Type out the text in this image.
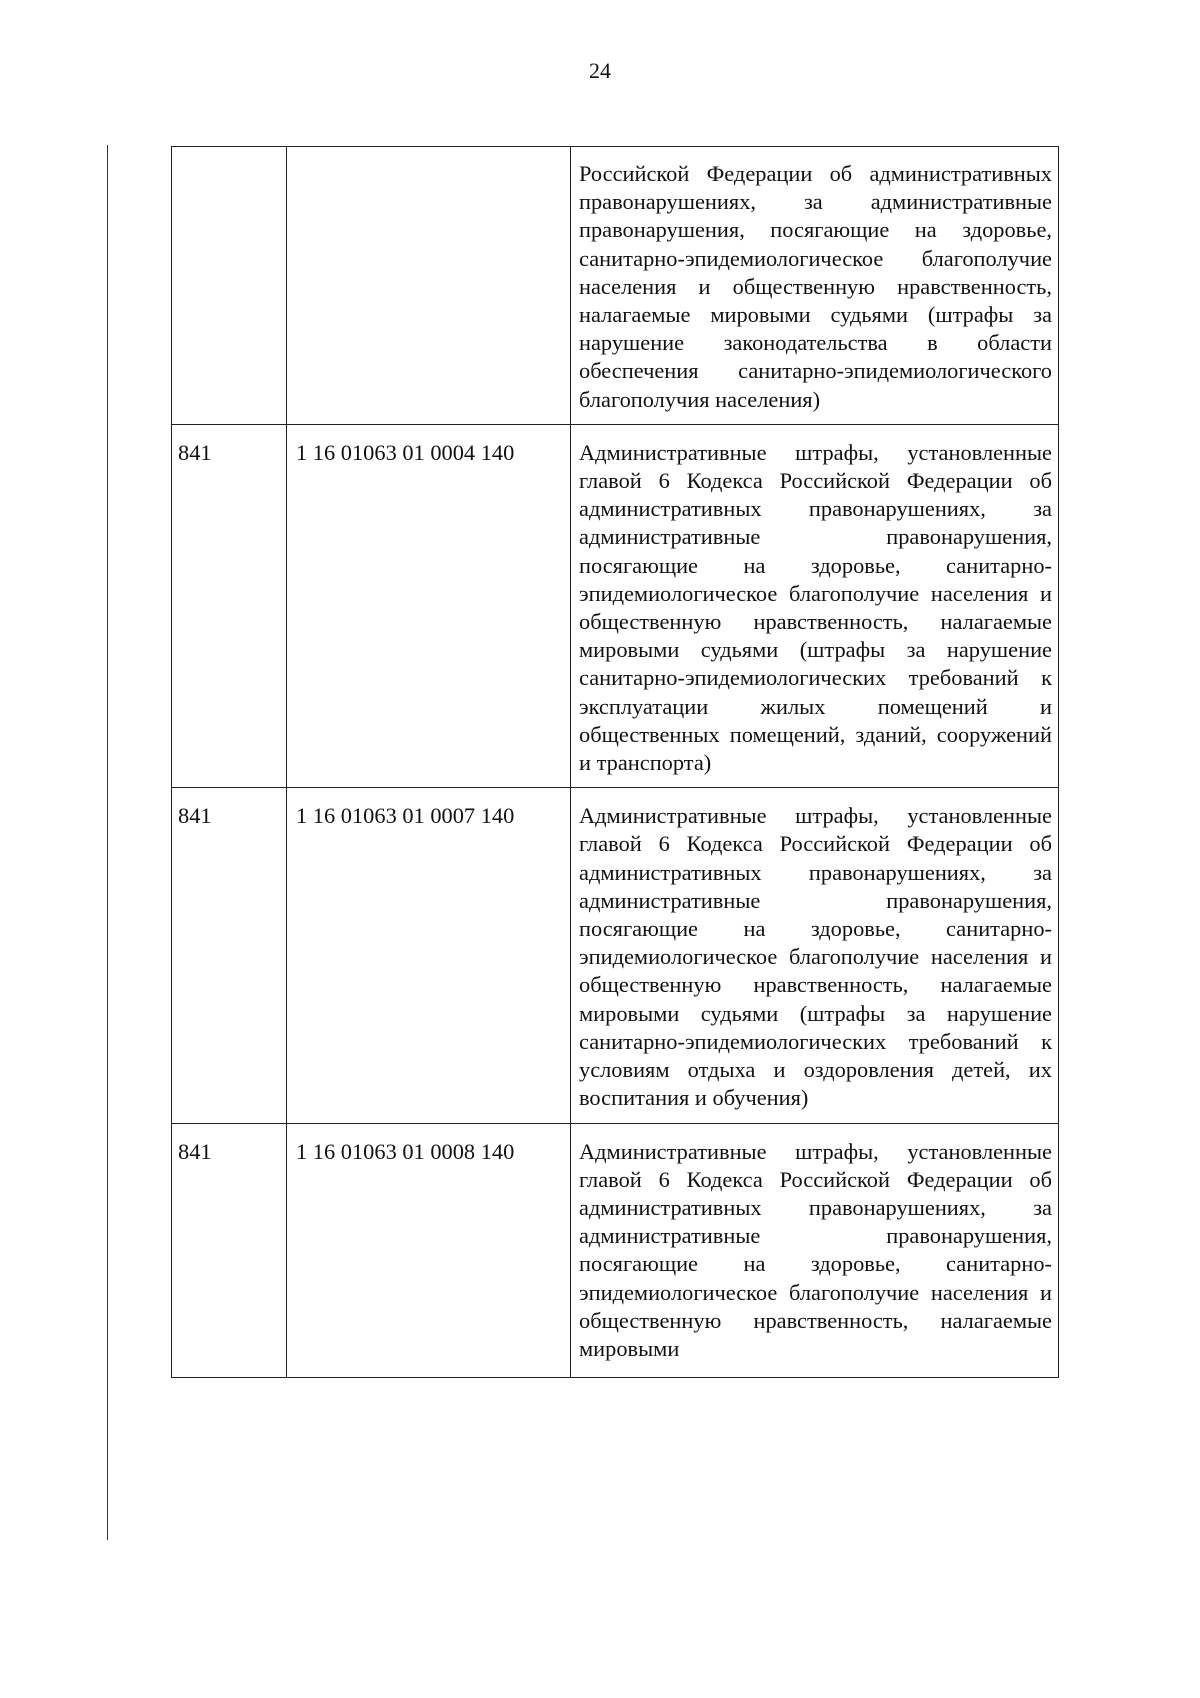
24

		Российской Федерации об административных правонарушениях, за административные правонарушения, посягающие на здоровье, санитарно-эпидемиологическое благополучие населения и общественную нравственность, налагаемые мировыми судьями (штрафы за нарушение законодательства в области обеспечения санитарно-эпидемиологического благополучия населения)

841	1 16 01063 01 0004 140	Административные штрафы, установленные главой 6 Кодекса Российской Федерации об административных правонарушениях, за административные правонарушения, посягающие на здоровье, санитарно-эпидемиологическое благополучие населения и общественную нравственность, налагаемые мировыми судьями (штрафы за нарушение санитарно-эпидемиологических требований к эксплуатации жилых помещений и общественных помещений, зданий, сооружений и транспорта)

841	1 16 01063 01 0007 140	Административные штрафы, установленные главой 6 Кодекса Российской Федерации об административных правонарушениях, за административные правонарушения, посягающие на здоровье, санитарно-эпидемиологическое благополучие населения и общественную нравственность, налагаемые мировыми судьями (штрафы за нарушение санитарно-эпидемиологических требований к условиям отдыха и оздоровления детей, их воспитания и обучения)

841	1 16 01063 01 0008 140	Административные штрафы, установленные главой 6 Кодекса Российской Федерации об административных правонарушениях, за административные правонарушения, посягающие на здоровье, санитарно-эпидемиологическое благополучие населения и общественную нравственность, налагаемые мировыми
